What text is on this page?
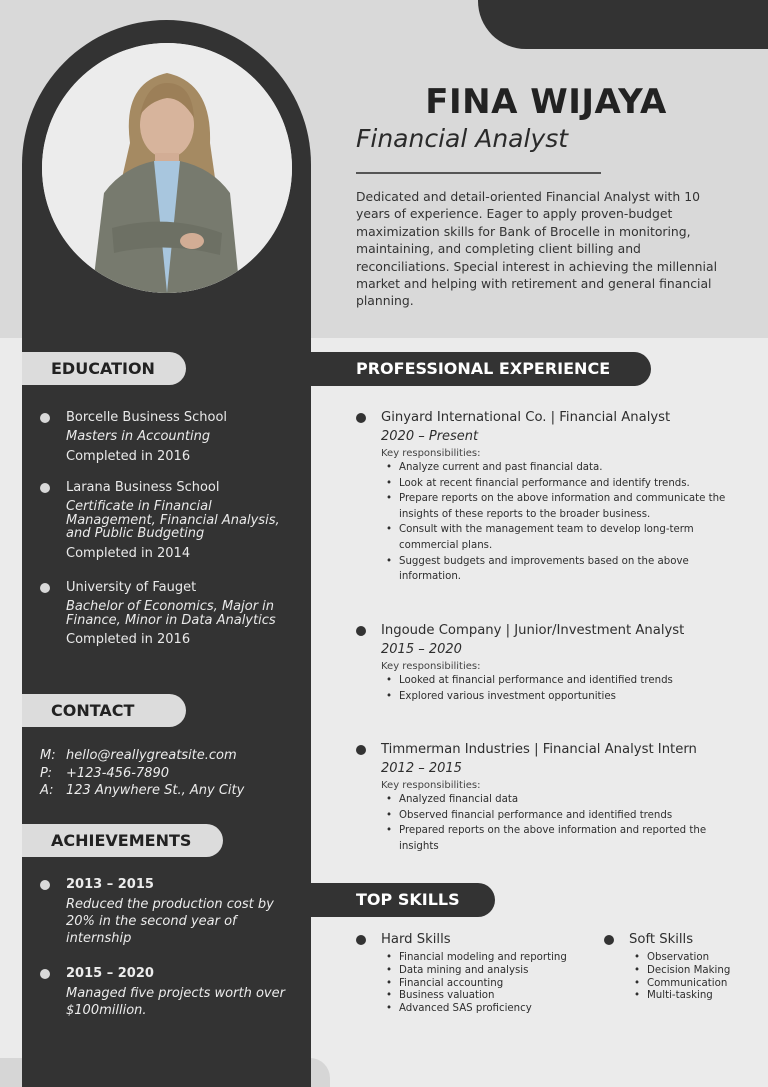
FINA WIJAYA
Financial Analyst
Dedicated and detail-oriented Financial Analyst with 10 years of experience. Eager to apply proven-budget maximization skills for Bank of Brocelle in monitoring, maintaining, and completing client billing and reconciliations. Special interest in achieving the millennial market and helping with retirement and general financial planning.
EDUCATION
Borcelle Business School
Masters in Accounting
Completed in 2016
Larana Business School
Certificate in Financial Management, Financial Analysis, and Public Budgeting
Completed in 2014
University of Fauget
Bachelor of Economics, Major in Finance, Minor in Data Analytics
Completed in 2016
CONTACT
M: hello@reallygreatsite.com
P:	+123-456-7890
A: 123 Anywhere St., Any City
ACHIEVEMENTS
2013 – 2015
Reduced the production cost by 20% in the second year of internship
2015 – 2020
Managed five projects worth over $100million.
PROFESSIONAL EXPERIENCE
Ginyard International Co. | Financial Analyst
2020 – Present
Key responsibilities:
• Analyze current and past financial data.
• Look at recent financial performance and identify trends.
• Prepare reports on the above information and communicate the insights of these reports to the broader business.
• Consult with the management team to develop long-term commercial plans.
• Suggest budgets and improvements based on the above information.
Ingoude Company | Junior/Investment Analyst
2015 – 2020
Key responsibilities:
• Looked at financial performance and identified trends
• Explored various investment opportunities
Timmerman Industries | Financial Analyst Intern
2012 – 2015
Key responsibilities:
• Analyzed financial data
• Observed financial performance and identified trends
• Prepared reports on the above information and reported the insights
TOP SKILLS
Hard Skills
• Financial modeling and reporting
• Data mining and analysis
• Financial accounting
• Business valuation
• Advanced SAS proficiency
Soft Skills
• Observation
• Decision Making
• Communication
• Multi-tasking
